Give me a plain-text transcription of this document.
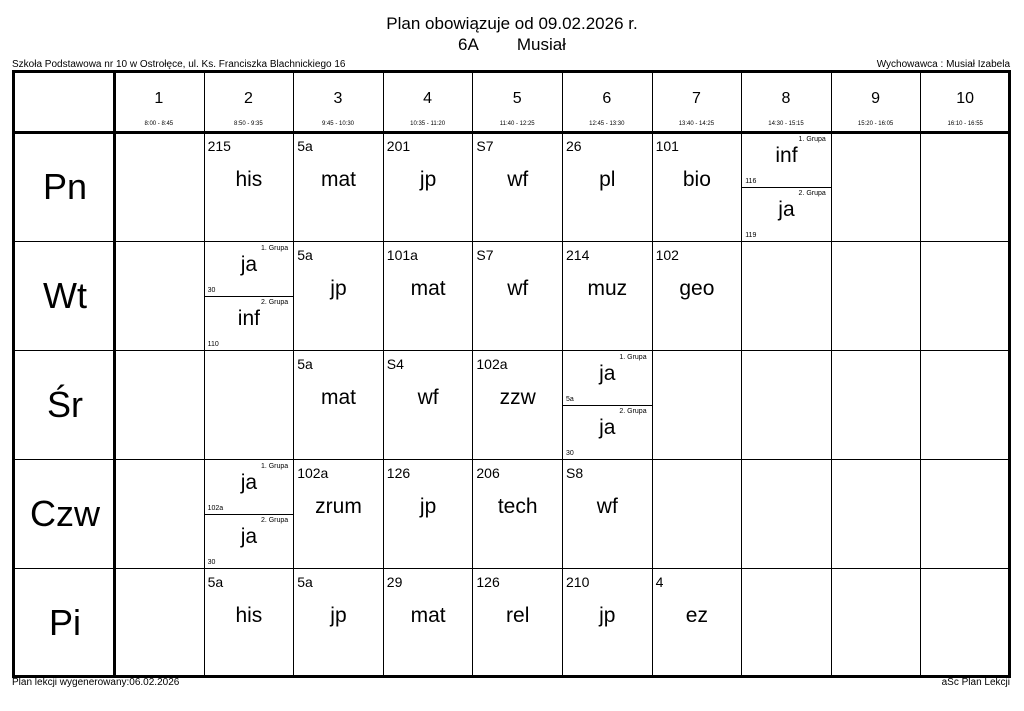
Plan obowiązuje od 09.02.2026 r.
6A Musiał
Szkoła Podstawowa nr 10 w Ostrołęce, ul. Ks. Franciszka Blachnickiego 16	Wychowawca : Musiał Izabela
1
8:00 - 8:45
2
8:50 - 9:35
3
9:45 - 10:30
4
10:35 - 11:20
5
11:40 - 12:25
6
12:45 - 13:30
7
13:40 - 14:25
8
14:30 - 15:15
9
15:20 - 16:05
10
16:10 - 16:55
Pn
215
his
5a
mat
201
jp
S7
wf
26
pl
101
bio
1. Grupa
inf
116
2. Grupa
ja
119
Wt
1. Grupa
ja
30
2. Grupa
inf
110
5a
jp
101a
mat
S7
wf
214
muz
102
geo
Śr
5a
mat
S4
wf
102a
zzw
1. Grupa
ja
5a
2. Grupa
ja
30
Czw
1. Grupa
ja
102a
2. Grupa
ja
30
102a
zrum
126
jp
206
tech
S8
wf
Pi
5a
his
5a
jp
29
mat
126
rel
210
jp
4
ez
Plan lekcji wygenerowany:06.02.2026	aSc Plan Lekcji
